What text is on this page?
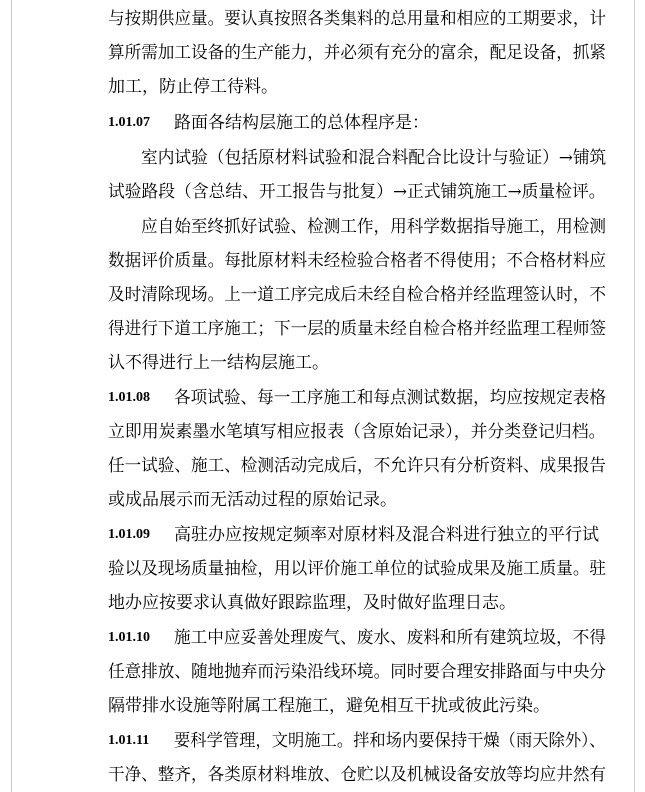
与按期供应量。要认真按照各类集料的总用量和相应的工期要求，计
算所需加工设备的生产能力，并必须有充分的富余，配足设备，抓紧
加工，防止停工待料。
1.01.07 路面各结构层施工的总体程序是：
室内试验（包括原材料试验和混合料配合比设计与验证）→铺筑
试验路段（含总结、开工报告与批复）→正式铺筑施工→质量检评。
应自始至终抓好试验、检测工作，用科学数据指导施工，用检测
数据评价质量。每批原材料未经检验合格者不得使用；不合格材料应
及时清除现场。上一道工序完成后未经自检合格并经监理签认时，不
得进行下道工序施工；下一层的质量未经自检合格并经监理工程师签
认不得进行上一结构层施工。
1.01.08 各项试验、每一工序施工和每点测试数据，均应按规定表格
立即用炭素墨水笔填写相应报表（含原始记录），并分类登记归档。
任一试验、施工、检测活动完成后，不允许只有分析资料、成果报告
或成品展示而无活动过程的原始记录。
1.01.09 高驻办应按规定频率对原材料及混合料进行独立的平行试
验以及现场质量抽检，用以评价施工单位的试验成果及施工质量。驻
地办应按要求认真做好跟踪监理，及时做好监理日志。
1.01.10 施工中应妥善处理废气、废水、废料和所有建筑垃圾，不得
任意排放、随地抛弃而污染沿线环境。同时要合理安排路面与中央分
隔带排水设施等附属工程施工，避免相互干扰或彼此污染。
1.01.11 要科学管理，文明施工。拌和场内要保持干燥（雨天除外）、
干净、整齐，各类原材料堆放、仓贮以及机械设备安放等均应井然有
